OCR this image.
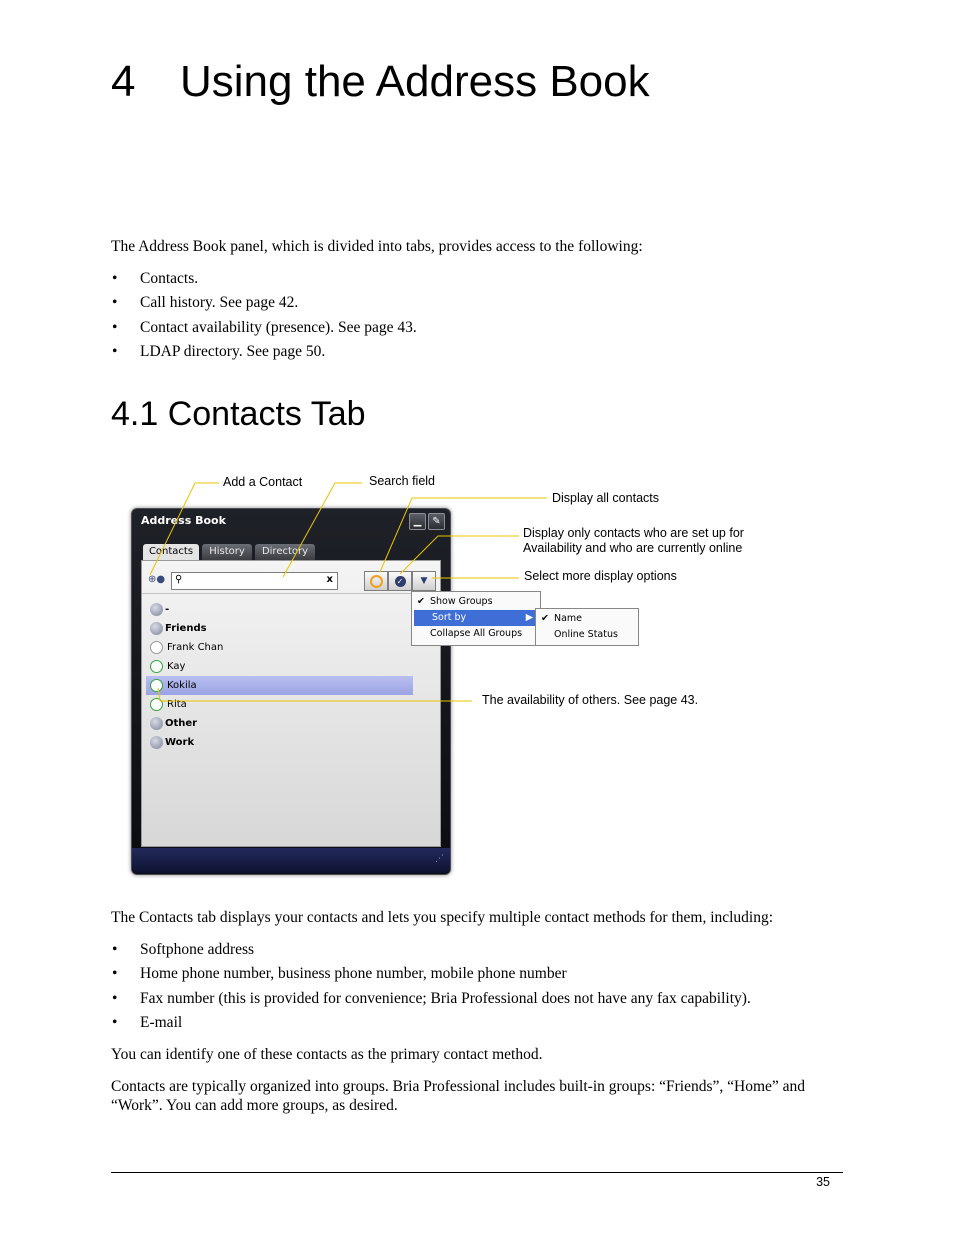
4 Using the Address Book

The Address Book panel, which is divided into tabs, provides access to the following:

• Contacts.
• Call history. See page 42.
• Contact availability (presence). See page 43.
• LDAP directory. See page 50.
4.1 Contacts Tab
Add a Contact	Search field
Display all contacts
Display only contacts who are set up for
Availability and who are currently online
Select more display options
The availability of others. See page 43.
Address Book	▁	✎
Contacts	History	Directory
⊕● ⚲	x	✓ ▼
-
Friends
Frank Chan
Kay
Kokila
Rita
Other
Work
⋰
✔ Show Groups
Sort by	▶
Collapse All Groups
✔ Name
Online Status

The Contacts tab displays your contacts and lets you specify multiple contact methods for them, including:

• Softphone address
• Home phone number, business phone number, mobile phone number
• Fax number (this is provided for convenience; Bria Professional does not have any fax capability).
• E-mail

You can identify one of these contacts as the primary contact method.

Contacts are typically organized into groups. Bria Professional includes built-in groups: “Friends”, “Home” and “Work”. You can add more groups, as desired.

35
